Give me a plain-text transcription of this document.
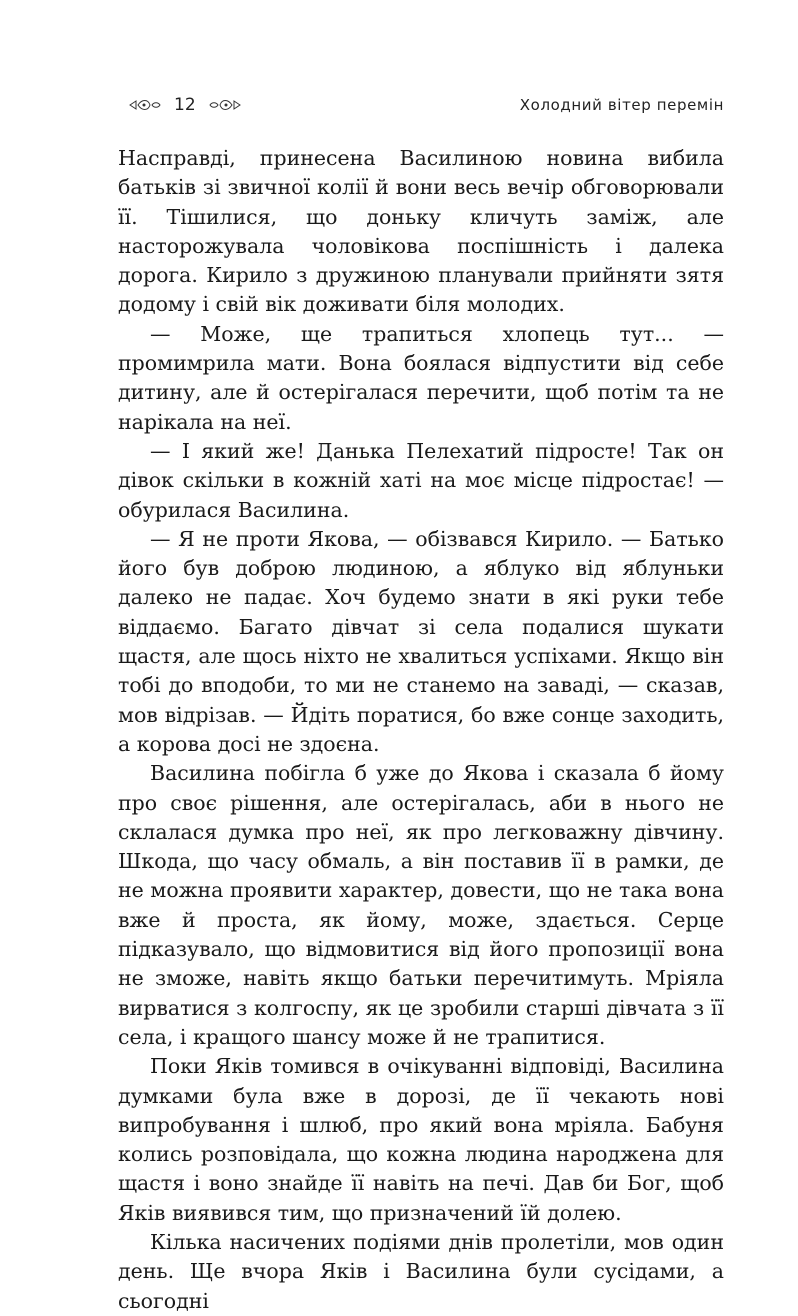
12	Холодний вітер перемін

Насправді, принесена Василиною новина вибила батьків зі звичної колії й вони весь вечір обговорювали її. Тішилися, що доньку кличуть заміж, але насторожувала чоловікова поспішність і далека дорога. Кирило з дружиною планували прийняти зятя додому і свій вік доживати біля молодих.

— Може, ще трапиться хлопець тут... — промимрила мати. Вона боялася відпустити від себе дитину, але й остерігалася перечити, щоб потім та не нарікала на неї.

— І який же! Данька Пелехатий підросте! Так он дівок скільки в кожній хаті на моє місце підростає! — обурилася Василина.

— Я не проти Якова, — обізвався Кирило. — Батько його був доброю людиною, а яблуко від яблуньки далеко не падає. Хоч будемо знати в які руки тебе віддаємо. Багато дівчат зі села подалися шукати щастя, але щось ніхто не хвалиться успіхами. Якщо він тобі до вподоби, то ми не станемо на заваді, — сказав, мов відрізав. — Йдіть поратися, бо вже сонце заходить, а корова досі не здоєна.

Василина побігла б уже до Якова і сказала б йому про своє рішення, але остерігалась, аби в нього не склалася думка про неї, як про легковажну дівчину. Шкода, що часу обмаль, а він поставив її в рамки, де не можна проявити характер, довести, що не така вона вже й проста, як йому, може, здається. Серце підказувало, що відмовитися від його пропозиції вона не зможе, навіть якщо батьки перечитимуть. Мріяла вирватися з колгоспу, як це зробили старші дівчата з її села, і кращого шансу може й не трапитися.

Поки Яків томився в очікуванні відповіді, Василина думками була вже в дорозі, де її чекають нові випробування і шлюб, про який вона мріяла. Бабуня колись розповідала, що кожна людина народжена для щастя і воно знайде її навіть на печі. Дав би Бог, щоб Яків виявився тим, що призначений їй долею.

Кілька насичених подіями днів пролетіли, мов один день. Ще вчора Яків і Василина були сусідами, а сьогодні
